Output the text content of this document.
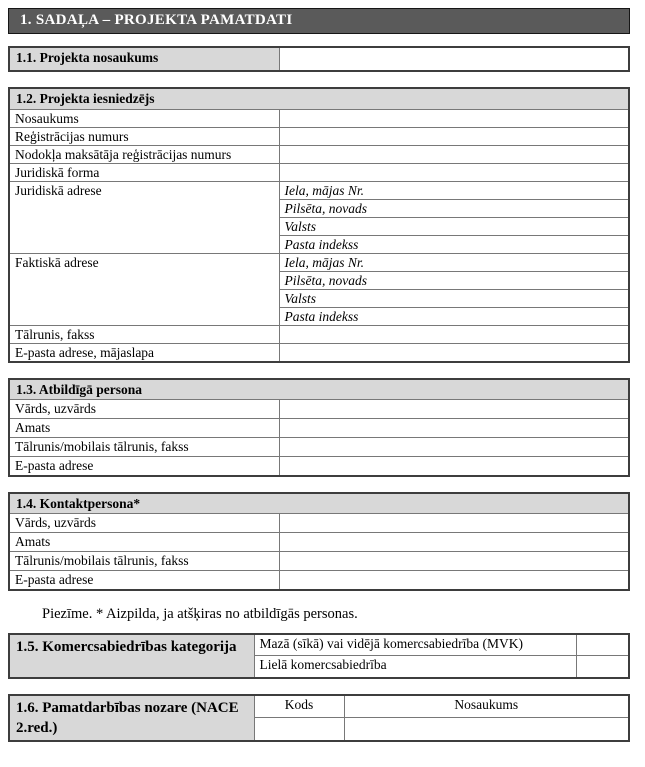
1. SADAĻA – PROJEKTA PAMATDATI
1.1. Projekta nosaukums	
1.2. Projekta iesniedzējs	
Nosaukums	
Reģistrācijas numurs	
Nodokļa maksātāja reģistrācijas numurs	
Juridiskā forma	
Juridiskā adrese	Iela, mājas Nr.
	Pilsēta, novads
	Valsts
	Pasta indekss
Faktiskā adrese	Iela, mājas Nr.
	Pilsēta, novads
	Valsts
	Pasta indekss
Tālrunis, fakss	
E-pasta adrese, mājaslapa	
1.3. Atbildīgā persona	
Vārds, uzvārds	
Amats	
Tālrunis/mobilais tālrunis, fakss	
E-pasta adrese	
1.4. Kontaktpersona*	
Vārds, uzvārds	
Amats	
Tālrunis/mobilais tālrunis, fakss	
E-pasta adrese	
Piezīme. * Aizpilda, ja atšķiras no atbildīgās personas.
1.5. Komercsabiedrības kategorija	Mazā (sīkā) vai vidējā komercsabiedrība (MVK)	
	Lielā komercsabiedrība	
1.6. Pamatdarbības nozare (NACE 2.red.)	Kods	Nosaukums
